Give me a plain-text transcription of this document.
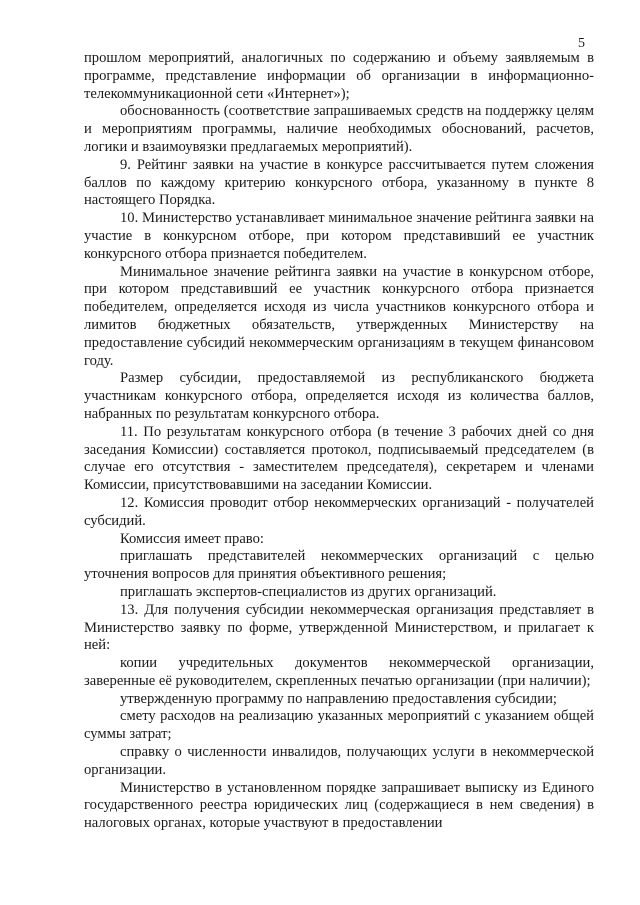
5

прошлом мероприятий, аналогичных по содержанию и объему заявляемым в программе, представление информации об организации в информационно-телекоммуникационной сети «Интернет»);

обоснованность (соответствие запрашиваемых средств на поддержку целям и мероприятиям программы, наличие необходимых обоснований, расчетов, логики и взаимоувязки предлагаемых мероприятий).

9. Рейтинг заявки на участие в конкурсе рассчитывается путем сложения баллов по каждому критерию конкурсного отбора, указанному в пункте 8 настоящего Порядка.

10. Министерство устанавливает минимальное значение рейтинга заявки на участие в конкурсном отборе, при котором представивший ее участник конкурсного отбора признается победителем.

Минимальное значение рейтинга заявки на участие в конкурсном отборе, при котором представивший ее участник конкурсного отбора признается победителем, определяется исходя из числа участников конкурсного отбора и лимитов бюджетных обязательств, утвержденных Министерству на предоставление субсидий некоммерческим организациям в текущем финансовом году.

Размер субсидии, предоставляемой из республиканского бюджета участникам конкурсного отбора, определяется исходя из количества баллов, набранных по результатам конкурсного отбора.

11. По результатам конкурсного отбора (в течение 3 рабочих дней со дня заседания Комиссии) составляется протокол, подписываемый председателем (в случае его отсутствия - заместителем председателя), секретарем и членами Комиссии, присутствовавшими на заседании Комиссии.

12. Комиссия проводит отбор некоммерческих организаций - получателей субсидий.

Комиссия имеет право:

приглашать представителей некоммерческих организаций с целью уточнения вопросов для принятия объективного решения;

приглашать экспертов-специалистов из других организаций.

13. Для получения субсидии некоммерческая организация представляет в Министерство заявку по форме, утвержденной Министерством, и прилагает к ней:

копии учредительных документов некоммерческой организации, заверенные её руководителем, скрепленных печатью организации (при наличии);

утвержденную программу по направлению предоставления субсидии;

смету расходов на реализацию указанных мероприятий с указанием общей суммы затрат;

справку о численности инвалидов, получающих услуги в некоммерческой организации.

Министерство в установленном порядке запрашивает выписку из Единого государственного реестра юридических лиц (содержащиеся в нем сведения) в налоговых органах, которые участвуют в предоставлении
